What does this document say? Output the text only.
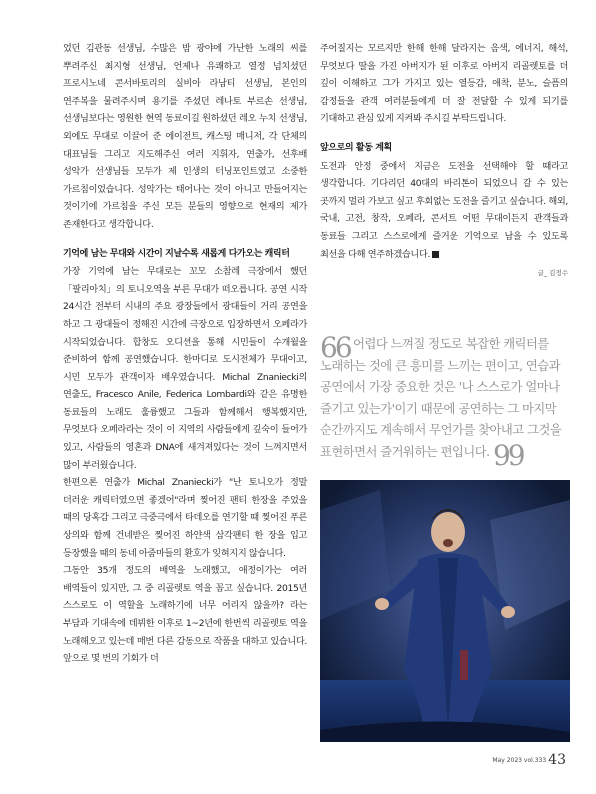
었던 김관동 선생님, 수많은 밤 광야에 가난한 노래의 씨를 뿌려주신 최지형 선생님, 언제나 유쾌하고 열정 넘치셨던 프로시노네 콘서바토리의 실비아 라남티 선생님, 본인의 연주복을 물려주시며 용기를 주셨던 레나토 부르손 선생님, 선생님보다는 영원한 현역 동료이길 원하셨던 레오 누치 선생님, 외에도 무대로 이끌어 준 에이전트, 캐스팅 매니저, 각 단체의 대표님들 그리고 지도해주신 여러 지휘자, 연출가, 선후배 성악가 선생님들 모두가 제 인생의 터닝포인트였고 소중한 가르침이었습니다. 성악가는 태어나는 것이 아니고 만들어지는 것이기에 가르침을 주신 모든 분들의 영향으로 현재의 제가 존재한다고 생각합니다.

기억에 남는 무대와 시간이 지날수록 새롭게 다가오는 캐릭터

가장 기억에 남는 무대로는 꼬모 소참레 극장에서 했던 「팔리아치」의 토니오역을 부른 무대가 떠오릅니다. 공연 시작 24시간 전부터 시내의 주요 광장들에서 광대들이 거리 공연을 하고 그 광대들이 정해진 시간에 극장으로 입장하면서 오페라가 시작되었습니다. 합창도 오디션을 통해 시민들이 수개월을 준비하여 함께 공연했습니다. 한마디로 도시전체가 무대이고, 시민 모두가 관객이자 배우였습니다. Michal Znaniecki의 연출도, Fracesco Anile, Federica Lombardi와 같은 유명한 동료들의 노래도 훌륭했고 그들과 함께해서 행복했지만, 무엇보다 오페라라는 것이 이 지역의 사람들에게 깊숙이 들어가 있고, 사람들의 영혼과 DNA에 새겨져있다는 것이 느껴지면서 많이 부러웠습니다.

한편으론 연출가 Michal Znaniecki가 "난 토니오가 정말 더러운 캐릭터였으면 좋겠어"라며 찢어진 팬티 한장을 주었을 때의 당혹감 그리고 극중극에서 타데오를 연기할 때 찢어진 푸른 상의와 함께 건네받은 찢어진 하얀색 삼각팬티 한 장을 입고 등장했을 때의 동네 아줌마들의 환호가 잊혀지지 않습니다.

그동안 35개 정도의 배역을 노래했고, 애정이가는 여러 배역들이 있지만, 그 중 리골렛토 역을 꼽고 싶습니다. 2015년 스스로도 이 역할을 노래하기에 너무 어리지 않을까? 라는 부담과 기대속에 데뷔한 이후로 1~2년에 한번씩 리골렛토 역을 노래해오고 있는데 매번 다른 감동으로 작품을 대하고 있습니다. 앞으로 몇 번의 기회가 더

주어질지는 모르지만 한해 한해 달라지는 음색, 에너지, 해석, 무엇보다 딸을 가진 아버지가 된 이후로 아버지 리골렛토를 더 깊이 이해하고 그가 가지고 있는 열등감, 애착, 분노, 슬픔의 감정들을 관객 여러분들에게 더 잘 전달할 수 있게 되기를 기대하고 관심 있게 지켜봐 주시길 부탁드립니다.

앞으로의 활동 계획

도전과 안정 중에서 지금은 도전을 선택해야 할 때라고 생각합니다. 기다리던 40대의 바리톤이 되었으니 갈 수 있는 곳까지 멀리 가보고 싶고 후회없는 도전을 즐기고 싶습니다. 해외, 국내, 고전, 창작, 오페라, 콘서트 어떤 무대이든지 관객들과 동료들 그리고 스스로에게 즐거운 기억으로 남을 수 있도록 최선을 다해 연주하겠습니다.

글_ 김정수
66 어렵다 느껴질 정도로 복잡한 캐릭터를 노래하는 것에 큰 흥미를 느끼는 편이고, 연습과 공연에서 가장 중요한 것은 '나 스스로가 얼마나 즐기고 있는가'이기 때문에 공연하는 그 마지막 순간까지도 계속해서 무언가를 찾아내고 그것을 표현하면서 즐거워하는 편입니다. 99
May 2023 vol.333 43
